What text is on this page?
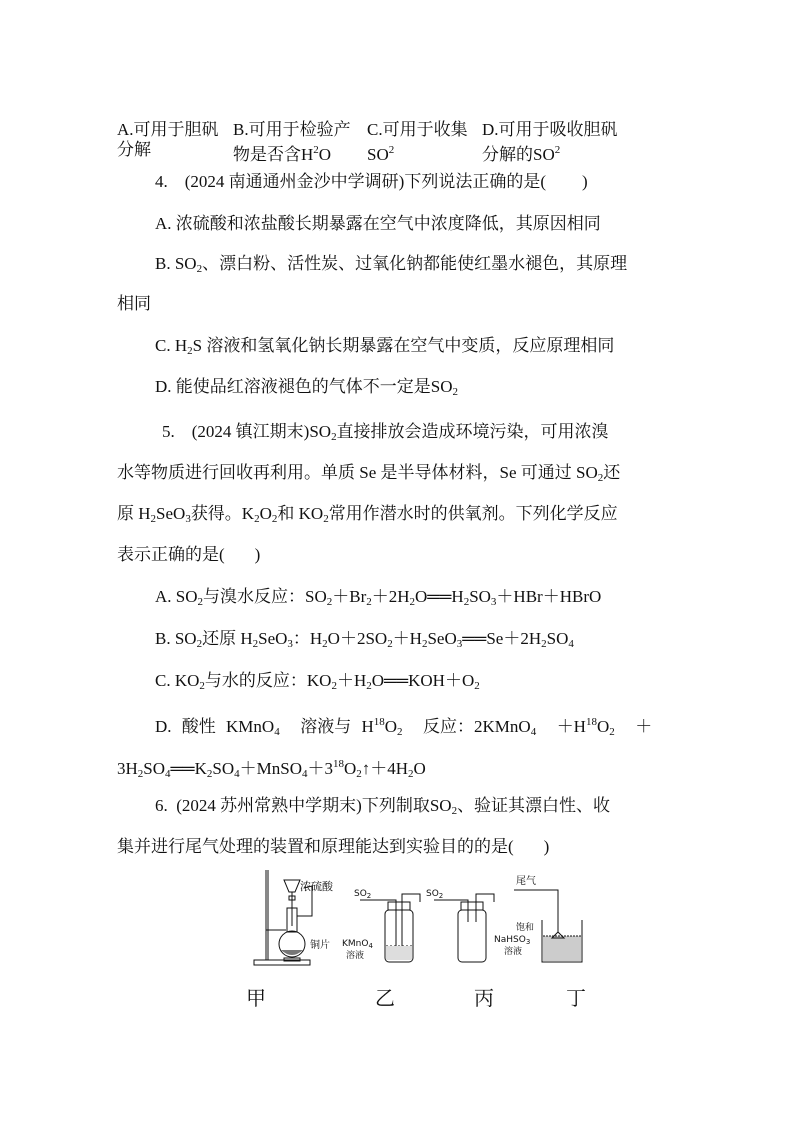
A.可用于胆矾
分解
B.可用于检验产
物是否含$H^2O$
C.可用于收集
$SO^2$
D.可用于吸收胆矾
分解的$SO^2$
4. (2024 南通通州金沙中学调研)下列说法正确的是( )
A. 浓硫酸和浓盐酸长期暴露在空气中浓度降低，其原因相同
B. $SO_2$、漂白粉、活性炭、过氧化钠都能使红墨水褪色，其原理
相同
C. $H_2S$ 溶液和氢氧化钠长期暴露在空气中变质，反应原理相同
D. 能使品红溶液褪色的气体不一定是$SO_2$
5. (2024 镇江期末)$SO_2$直接排放会造成环境污染，可用浓溴
水等物质进行回收再利用。单质 Se 是半导体材料，Se 可通过 $SO_2$还
原 $H_2SeO_3$获得。$K_2O_2$和 $KO_2$常用作潜水时的供氧剂。下列化学反应
表示正确的是( )
A. $SO_2$与溴水反应：$SO_2+Br_2+2H_2O══H_2SO_3+HBr+HBrO$
B. $SO_2$还原 $H_2SeO_3$：$H_2O+2SO_2+H_2SeO_3══Se+2H_2SO_4$
C. $KO_2$与水的反应：$KO_2+H_2O══KOH+O_2$
D. 酸性 KMnO$_4$ 溶液与 $H^{18}O_2$ 反应：2KMnO$_4$ $+H^{18}O_2$ ＋
$3H_2SO_4══K_2SO_4+MnSO_4+3^{18}O_2↑+4H_2O$
6. (2024 苏州常熟中学期末)下列制取$SO_2$、验证其漂白性、收
集并进行尾气处理的装置和原理能达到实验目的的是( )
浓硫酸
铜片
$SO_2$
KMnO$_4$
溶液
$SO_2$
尾气
饱和
NaHSO$_3$
溶液
甲	乙	丙	丁
